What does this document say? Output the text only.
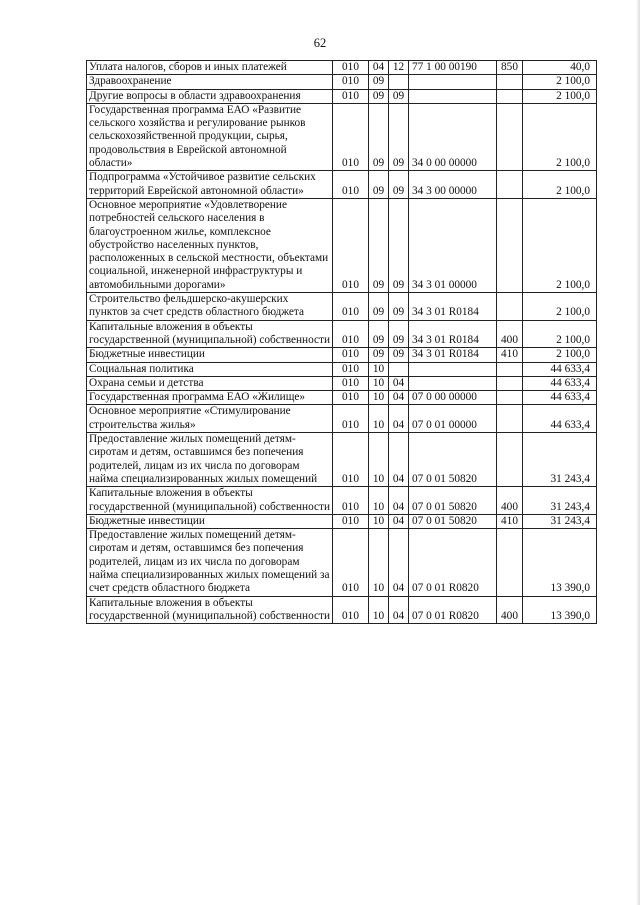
62
Уплата налогов, сборов и иных платежей	010	04	12	77 1 00 00190	850	40,0
Здравоохранение	010	09				2 100,0
Другие вопросы в области здравоохранения	010	09	09			2 100,0
Государственная программа ЕАО «Развитие сельского хозяйства и регулирование рынков сельскохозяйственной продукции, сырья, продовольствия в Еврейской автономной области»	010	09	09	34 0 00 00000		2 100,0
Подпрограмма «Устойчивое развитие сельских территорий Еврейской автономной области»	010	09	09	34 3 00 00000		2 100,0
Основное мероприятие «Удовлетворение потребностей сельского населения в благоустроенном жилье, комплексное обустройство населенных пунктов, расположенных в сельской местности, объектами социальной, инженерной инфраструктуры и автомобильными дорогами»	010	09	09	34 3 01 00000		2 100,0
Строительство фельдшерско-акушерских пунктов за счет средств областного бюджета	010	09	09	34 3 01 R0184		2 100,0
Капитальные вложения в объекты государственной (муниципальной) собственности	010	09	09	34 3 01 R0184	400	2 100,0
Бюджетные инвестиции	010	09	09	34 3 01 R0184	410	2 100,0
Социальная политика	010	10				44 633,4
Охрана семьи и детства	010	10	04			44 633,4
Государственная программа ЕАО «Жилище»	010	10	04	07 0 00 00000		44 633,4
Основное мероприятие «Стимулирование строительства жилья»	010	10	04	07 0 01 00000		44 633,4
Предоставление жилых помещений детям-сиротам и детям, оставшимся без попечения родителей, лицам из их числа по договорам найма специализированных жилых помещений	010	10	04	07 0 01 50820		31 243,4
Капитальные вложения в объекты государственной (муниципальной) собственности	010	10	04	07 0 01 50820	400	31 243,4
Бюджетные инвестиции	010	10	04	07 0 01 50820	410	31 243,4
Предоставление жилых помещений детям-сиротам и детям, оставшимся без попечения родителей, лицам из их числа по договорам найма специализированных жилых помещений за счет средств областного бюджета	010	10	04	07 0 01 R0820		13 390,0
Капитальные вложения в объекты государственной (муниципальной) собственности	010	10	04	07 0 01 R0820	400	13 390,0
